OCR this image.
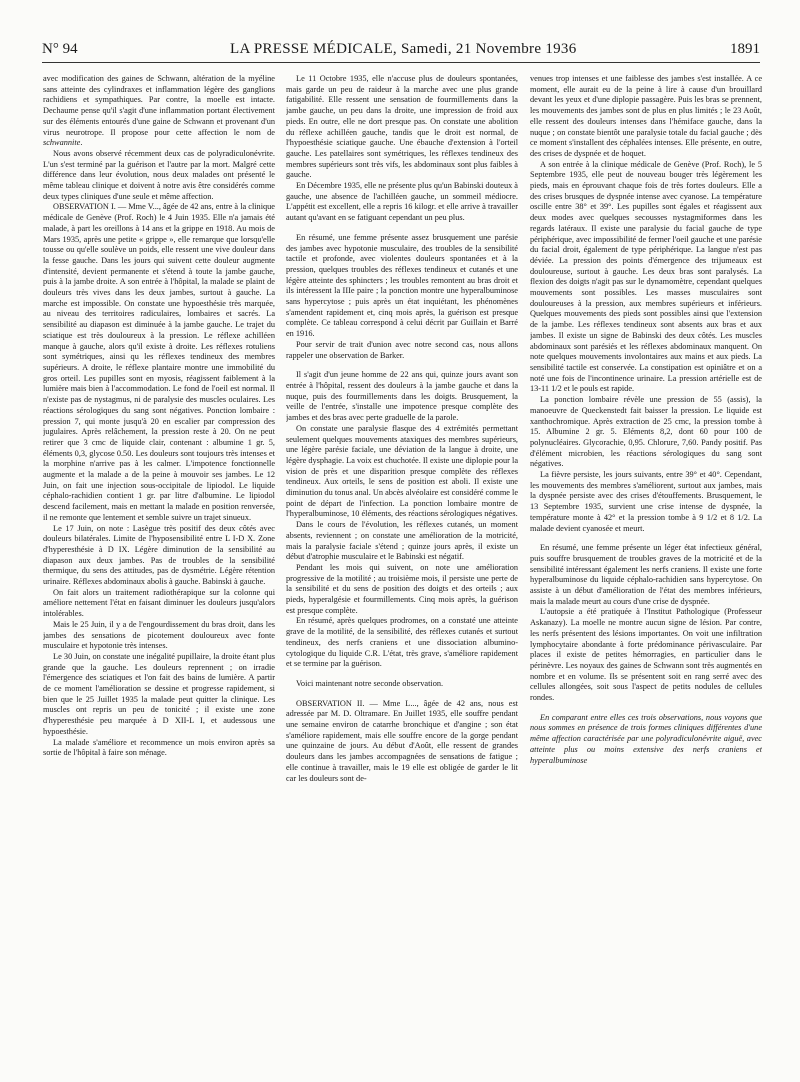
N° 94	LA PRESSE MÉDICALE, Samedi, 21 Novembre 1936	1891

avec modification des gaines de Schwann, altération de la myéline sans atteinte des cylindraxes et inflammation légère des ganglions rachidiens et sympathiques. Par contre, la moelle est intacte. Dechaume pense qu'il s'agit d'une inflammation portant électivement sur des éléments entourés d'une gaine de Schwann et provenant d'un virus neurotrope. Il propose pour cette affection le nom de schwannite.

Nous avons observé récemment deux cas de polyradiculonévrite. L'un s'est terminé par la guérison et l'autre par la mort. Malgré cette différence dans leur évolution, nous deux malades ont présenté le même tableau clinique et doivent à notre avis être considérés comme deux types cliniques d'une seule et même affection.

OBSERVATION I. — Mme V..., âgée de 42 ans, entre à la clinique médicale de Genève (Prof. Roch) le 4 Juin 1935. Elle n'a jamais été malade, à part les oreillons à 14 ans et la grippe en 1918. Au mois de Mars 1935, après une petite « grippe », elle remarque que lorsqu'elle tousse ou qu'elle soulève un poids, elle ressent une vive douleur dans la fesse gauche. Dans les jours qui suivent cette douleur augmente d'intensité, devient permanente et s'étend à toute la jambe gauche, puis à la jambe droite. A son entrée à l'hôpital, la malade se plaint de douleurs très vives dans les deux jambes, surtout à gauche. La marche est impossible. On constate une hypoesthésie très marquée, au niveau des territoires radiculaires, lombaires et sacrés. La sensibilité au diapason est diminuée à la jambe gauche. Le trajet du sciatique est très douloureux à la pression. Le réflexe achilléen manque à gauche, alors qu'il existe à droite. Les réflexes rotuliens sont symétriques, ainsi qu les réflexes tendineux des membres supérieurs. A droite, le réflexe plantaire montre une immobilité du gros orteil. Les pupilles sont en myosis, réagissent faiblement à la lumière mais bien à l'accommodation. Le fond de l'oeil est normal. Il n'existe pas de nystagmus, ni de paralysie des muscles oculaires. Les réactions sérologiques du sang sont négatives. Ponction lombaire : pression 7, qui monte jusqu'à 20 en escalier par compression des jugulaires. Après relâchement, la pression reste à 20. On ne peut retirer que 3 cmc de liquide clair, contenant : albumine 1 gr. 5, éléments 0,3, glycose 0.50. Les douleurs sont toujours très intenses et la morphine n'arrive pas à les calmer. L'impotence fonctionnelle augmente et la malade a de la peine à mouvoir ses jambes. Le 12 Juin, on fait une injection sous-occipitale de lipiodol. Le liquide céphalo-rachidien contient 1 gr. par litre d'albumine. Le lipiodol descend facilement, mais en mettant la malade en position renversée, il ne remonte que lentement et semble suivre un trajet sinueux.

Le 17 Juin, on note : Lasègue très positif des deux côtés avec douleurs bilatérales. Limite de l'hyposensibilité entre L I-D X. Zone d'hyperesthésie à D IX. Légère diminution de la sensibilité au diapason aux deux jambes. Pas de troubles de la sensibilité thermique, du sens des attitudes, pas de dysmétrie. Légère rétention urinaire. Réflexes abdominaux abolis à gauche. Babinski à gauche.

On fait alors un traitement radiothérapique sur la colonne qui améliore nettement l'état en faisant diminuer les douleurs jusqu'alors intolérables.

Mais le 25 Juin, il y a de l'engourdissement du bras droit, dans les jambes des sensations de picotement douloureux avec fonte musculaire et hypotonie très intenses.

Le 30 Juin, on constate une inégalité pupillaire, la droite étant plus grande que la gauche. Les douleurs reprennent ; on irradie l'émergence des sciatiques et l'on fait des bains de lumière. A partir de ce moment l'amélioration se dessine et progresse rapidement, si bien que le 25 Juillet 1935 la malade peut quitter la clinique. Les muscles ont repris un peu de tonicité ; il existe une zone d'hyperesthésie peu marquée à D XII-L I, et audessous une hypoesthésie.

La malade s'améliore et recommence un mois environ après sa sortie de l'hôpital à faire son ménage.

Le 11 Octobre 1935, elle n'accuse plus de douleurs spontanées, mais garde un peu de raideur à la marche avec une plus grande fatigabilité. Elle ressent une sensation de fourmillements dans la jambe gauche, un peu dans la droite, une impression de froid aux pieds. En outre, elle ne dort presque pas. On constate une abolition du réflexe achilléen gauche, tandis que le droit est normal, de l'hypoesthésie sciatique gauche. Une ébauche d'extension à l'orteil gauche. Les patellaires sont symétriques, les réflexes tendineux des membres supérieurs sont très vifs, les abdominaux sont plus faibles à gauche.

En Décembre 1935, elle ne présente plus qu'un Babinski douteux à gauche, une absence de l'achilléen gauche, un sommeil médiocre. L'appétit est excellent, elle a repris 16 kilogr. et elle arrive à travailler autant qu'avant en se fatiguant cependant un peu plus.

En résumé, une femme présente assez brusquement une parésie des jambes avec hypotonie musculaire, des troubles de la sensibilité tactile et profonde, avec violentes douleurs spontanées et à la pression, quelques troubles des réflexes tendineux et cutanés et une légère atteinte des sphincters ; les troubles remontent au bras droit et ils intéressent la IIIe paire ; la ponction montre une hyperalbuminose sans hypercytose ; puis après un état inquiétant, les phénomènes s'amendent rapidement et, cinq mois après, la guérison est presque complète. Ce tableau correspond à celui décrit par Guillain et Barré en 1916.

Pour servir de trait d'union avec notre second cas, nous allons rappeler une observation de Barker.

Il s'agit d'un jeune homme de 22 ans qui, quinze jours avant son entrée à l'hôpital, ressent des douleurs à la jambe gauche et dans la nuque, puis des fourmillements dans les doigts. Brusquement, la veille de l'entrée, s'installe une impotence presque complète des jambes et des bras avec perte graduelle de la parole.

On constate une paralysie flasque des 4 extrémités permettant seulement quelques mouvements ataxiques des membres supérieurs, une légère parésie faciale, une déviation de la langue à droite, une légère dysphagie. La voix est chuchotée. Il existe une diplopie pour la vision de près et une disparition presque complète des réflexes tendineux. Aux orteils, le sens de position est aboli. Il existe une diminution du tonus anal. Un abcès alvéolaire est considéré comme le point de départ de l'infection. La ponction lombaire montre de l'hyperalbuminose, 10 éléments, des réactions sérologiques négatives.

Dans le cours de l'évolution, les réflexes cutanés, un moment absents, reviennent ; on constate une amélioration de la motricité, mais la paralysie faciale s'étend ; quinze jours après, il existe un début d'atrophie musculaire et le Babinski est négatif.

Pendant les mois qui suivent, on note une amélioration progressive de la motilité ; au troisième mois, il persiste une perte de la sensibilité et du sens de position des doigts et des orteils ; aux pieds, hyperalgésie et fourmillements. Cinq mois après, la guérison est presque complète.

En résumé, après quelques prodromes, on a constaté une atteinte grave de la motilité, de la sensibilité, des réflexes cutanés et surtout tendineux, des nerfs craniens et une dissociation albumino-cytologique du liquide C.R. L'état, très grave, s'améliore rapidement et se termine par la guérison.

Voici maintenant notre seconde observation.

OBSERVATION II. — Mme L..., âgée de 42 ans, nous est adressée par M. D. Oltramare. En Juillet 1935, elle souffre pendant une semaine environ de catarrhe bronchique et d'angine ; son état s'améliore rapidement, mais elle souffre encore de la gorge pendant une quinzaine de jours. Au début d'Août, elle ressent de grandes douleurs dans les jambes accompagnées de sensations de fatigue ; elle continue à travailler, mais le 19 elle est obligée de garder le lit car les douleurs sont de-

venues trop intenses et une faiblesse des jambes s'est installée. A ce moment, elle aurait eu de la peine à lire à cause d'un brouillard devant les yeux et d'une diplopie passagère. Puis les bras se prennent, les mouvements des jambes sont de plus en plus limités ; le 23 Août, elle ressent des douleurs intenses dans l'hémiface gauche, dans la nuque ; on constate bientôt une paralysie totale du facial gauche ; dès ce moment s'installent des céphalées intenses. Elle présente, en outre, des crises de dyspnée et de hoquet.

A son entrée à la clinique médicale de Genève (Prof. Roch), le 5 Septembre 1935, elle peut de nouveau bouger très légèrement les pieds, mais en éprouvant chaque fois de très fortes douleurs. Elle a des crises brusques de dyspnée intense avec cyanose. La température oscille entre 38° et 39°. Les pupilles sont égales et réagissent aux deux modes avec quelques secousses nystagmiformes dans les regards latéraux. Il existe une paralysie du facial gauche de type périphérique, avec impossibilité de fermer l'oeil gauche et une parésie du facial droit, également de type périphérique. La langue n'est pas déviée. La pression des points d'émergence des trijumeaux est douloureuse, surtout à gauche. Les deux bras sont paralysés. La flexion des doigts n'agit pas sur le dynamomètre, cependant quelques mouvements sont possibles. Les masses musculaires sont douloureuses à la pression, aux membres supérieurs et inférieurs. Quelques mouvements des pieds sont possibles ainsi que l'extension de la jambe. Les réflexes tendineux sont absents aux bras et aux jambes. Il existe un signe de Babinski des deux côtés. Les muscles abdominaux sont parésiés et les réflexes abdominaux manquent. On note quelques mouvements involontaires aux mains et aux pieds. La sensibilité tactile est conservée. La constipation est opiniâtre et on a noté une fois de l'incontinence urinaire. La pression artérielle est de 13-11 1/2 et le pouls est rapide.

La ponction lombaire révèle une pression de 55 (assis), la manoeuvre de Queckenstedt fait baisser la pression. Le liquide est xanthochromique. Après extraction de 25 cmc, la pression tombe à 15. Albumine 2 gr. 5. Eléments 8,2, dont 60 pour 100 de polynucléaires. Glycorachie, 0,95. Chlorure, 7,60. Pandy positif. Pas d'élément microbien, les réactions sérologiques du sang sont négatives.

La fièvre persiste, les jours suivants, entre 39° et 40°. Cependant, les mouvements des membres s'améliorent, surtout aux jambes, mais la dyspnée persiste avec des crises d'étouffements. Brusquement, le 13 Septembre 1935, survient une crise intense de dyspnée, la température monte à 42° et la pression tombe à 9 1/2 et 8 1/2. La malade devient cyanosée et meurt.

En résumé, une femme présente un léger état infectieux général, puis souffre brusquement de troubles graves de la motricité et de la sensibilité intéressant également les nerfs craniens. Il existe une forte hyperalbuminose du liquide céphalo-rachidien sans hypercytose. On assiste à un début d'amélioration de l'état des membres inférieurs, mais la malade meurt au cours d'une crise de dyspnée.

L'autopsie a été pratiquée à l'Institut Pathologique (Professeur Askanazy). La moelle ne montre aucun signe de lésion. Par contre, les nerfs présentent des lésions importantes. On voit une infiltration lymphocytaire abondante à forte prédominance périvasculaire. Par places il existe de petites hémorragies, en particulier dans le périnèvre. Les noyaux des gaines de Schwann sont très augmentés en nombre et en volume. Ils se présentent soit en rang serré avec des cellules allongées, soit sous l'aspect de petits nodules de cellules rondes.

En comparant entre elles ces trois observations, nous voyons que nous sommes en présence de trois formes cliniques différentes d'une même affection caractérisée par une polyradiculonévrite aiguë, avec atteinte plus ou moins extensive des nerfs craniens et hyperalbuminose
